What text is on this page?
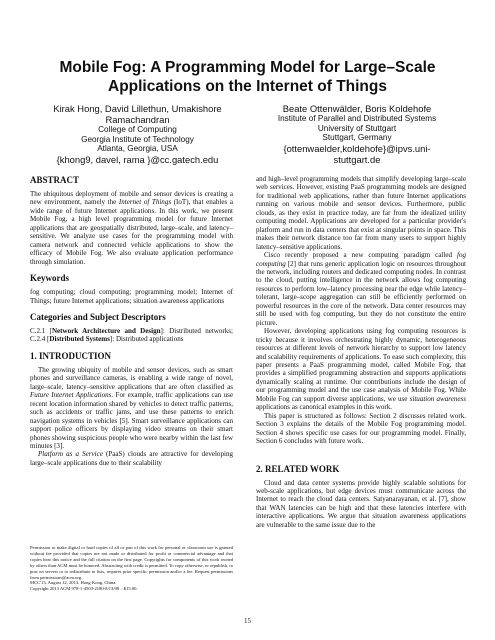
Mobile Fog: A Programming Model for Large–Scale Applications on the Internet of Things
Kirak Hong, David Lillethun, Umakishore
Ramachandran
College of Computing
Georgia Institute of Technology
Atlanta, Georgia, USA
{khong9, davel, rama }@cc.gatech.edu
Beate Ottenwälder, Boris Koldehofe
Institute of Parallel and Distributed Systems
University of Stuttgart
Stuttgart, Germany
{ottenwaelder,koldehofe}@ipvs.uni-
stuttgart.de
ABSTRACT

The ubiquitous deployment of mobile and sensor devices is creating a new environment, namely the Internet of Things (IoT), that enables a wide range of future Internet applications. In this work, we present Mobile Fog, a high level programming model for future Internet applications that are geospatially distributed, large–scale, and latency–sensitive. We analyze use cases for the programming model with camera network and connected vehicle applications to show the efficacy of Mobile Fog. We also evaluate application performance through simulation.

Keywords

fog computing; cloud computing; programming model; Internet of Things; future Internet applications; situation awareness applications

Categories and Subject Descriptors

C.2.1 [Network Architecture and Design]: Distributed networks; C.2.4 [Distributed Systems]: Distributed applications

1. INTRODUCTION

The growing ubiquity of mobile and sensor devices, such as smart phones and surveillance cameras, is enabling a wide range of novel, large–scale, latency–sensitive applications that are often classified as Future Internet Applications. For example, traffic applications can use recent location information shared by vehicles to detect traffic patterns, such as accidents or traffic jams, and use these patterns to enrich navigation systems in vehicles [5]. Smart surveillance applications can support police officers by displaying video streams on their smart phones showing suspicious people who were nearby within the last few minutes [3].

Platform as a Service (PaaS) clouds are attractive for developing large–scale applications due to their scalability

Permission to make digital or hard copies of all or part of this work for personal or classroom use is granted without fee provided that copies are not made or distributed for profit or commercial advantage and that copies bear this notice and the full citation on the first page. Copyrights for components of this work owned by others than ACM must be honored. Abstracting with credit is permitted. To copy otherwise, or republish, to post on servers or to redistribute to lists, requires prior specific permission and/or a fee. Request permissions from permissions@acm.org.

MCC'13, August 12, 2013, Hong Kong, China.

Copyright 2013 ACM 978-1-4503-2180-8/13/08 ...$15.00.

and high–level programming models that simplify developing large–scale web services. However, existing PaaS programming models are designed for traditional web applications, rather than future Internet applications running on various mobile and sensor devices. Furthermore, public clouds, as they exist in practice today, are far from the idealized utility computing model. Applications are developed for a particular provider's platform and run in data centers that exist at singular points in space. This makes their network distance too far from many users to support highly latency–sensitive applications.

Cisco recently proposed a new computing paradigm called fog computing [2] that runs generic application logic on resources throughout the network, including routers and dedicated computing nodes. In contrast to the cloud, putting intelligence in the network allows fog computing resources to perform low–latency processing near the edge while latency–tolerant, large–scope aggregation can still be efficiently performed on powerful resources in the core of the network. Data center resources may still be used with fog computing, but they do not constitute the entire picture.

However, developing applications using fog computing resources is tricky because it involves orchestrating highly dynamic, heterogeneous resources at different levels of network hierarchy to support low latency and scalability requirements of applications. To ease such complexity, this paper presents a PaaS programming model, called Mobile Fog, that provides a simplified programming abstraction and supports applications dynamically scaling at runtime. Our contributions include the design of our programming model and the use case analysis of Mobile Fog. While Mobile Fog can support diverse applications, we use situation awareness applications as canonical examples in this work.

This paper is structured as follows: Section 2 discusses related work. Section 3 explains the details of the Mobile Fog programming model. Section 4 shows specific use cases for our programming model. Finally, Section 6 concludes with future work.

2. RELATED WORK

Cloud and data center systems provide highly scalable solutions for web-scale applications, but edge devices must communicate across the Internet to reach the cloud data centers. Satyanarayanan, et al. [7], show that WAN latencies can be high and that these latencies interfere with interactive applications. We argue that situation awareness applications are vulnerable to the same issue due to the

15
